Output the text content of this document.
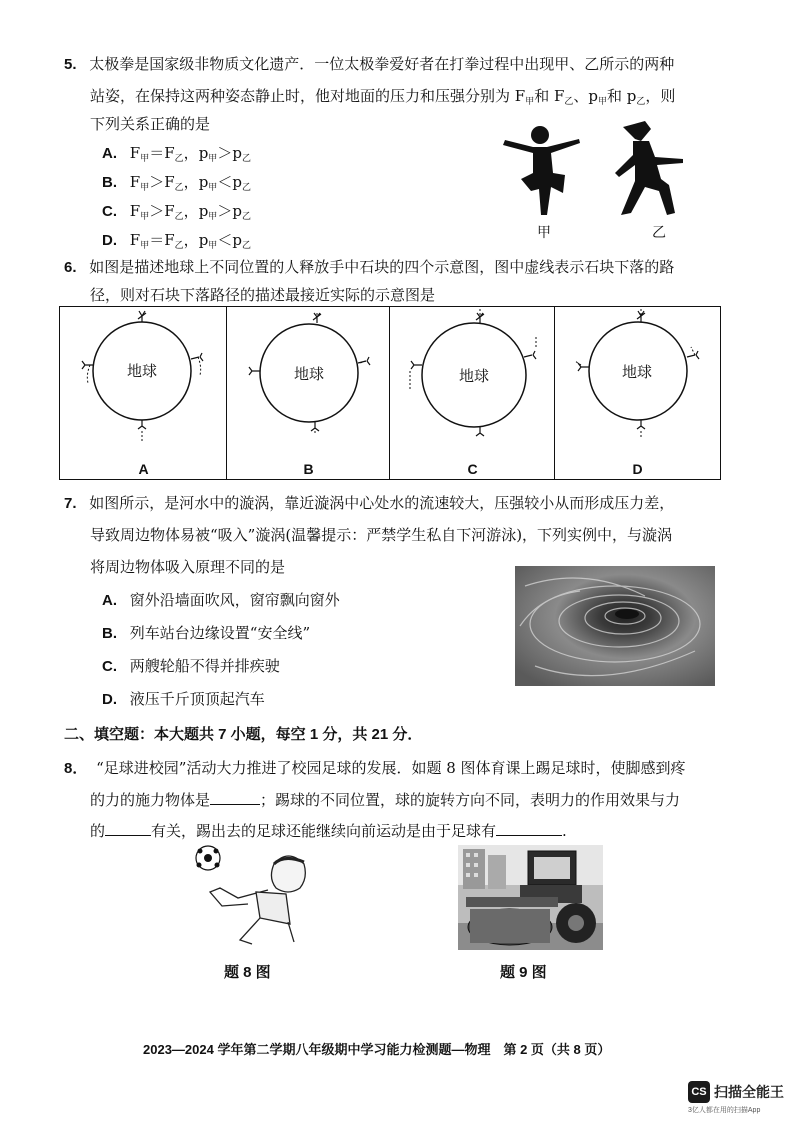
5. 太极拳是国家级非物质文化遗产．一位太极拳爱好者在打拳过程中出现甲、乙所示的两种
站姿，在保持这两种姿态静止时，他对地面的压力和压强分别为 $F_甲$和 $F_乙$、$p_甲$和 $p_乙$，则
下列关系正确的是
A. $F_甲=F_乙$，$p_甲>p_乙$
B. $F_甲>F_乙$，$p_甲<p_乙$
C. $F_甲>F_乙$，$p_甲>p_乙$
D. $F_甲=F_乙$，$p_甲<p_乙$
甲	乙
6. 如图是描述地球上不同位置的人释放手中石块的四个示意图，图中虚线表示石块下落的路
径，则对石块下落路径的描述最接近实际的示意图是
地球
A
地球
B
地球
C
地球
D
7. 如图所示，是河水中的漩涡，靠近漩涡中心处水的流速较大，压强较小从而形成压力差，
导致周边物体易被“吸入”漩涡(温馨提示：严禁学生私自下河游泳)，下列实例中，与漩涡
将周边物体吸入原理不同的是
A. 窗外沿墙面吹风，窗帘飘向窗外
B. 列车站台边缘设置“安全线”
C. 两艘轮船不得并排疾驶
D. 液压千斤顶顶起汽车
二、填空题：本大题共 7 小题，每空 1 分，共 21 分．
8． “足球进校园”活动大力推进了校园足球的发展．如题 8 图体育课上踢足球时，使脚感到疼
的力的施力物体是	；踢球的不同位置，球的旋转方向不同，表明力的作用效果与力
的	有关，踢出去的足球还能继续向前运动是由于足球有	.
题 8 图	题 9 图
2023—2024 学年第二学期八年级期中学习能力检测题—物理　第 2 页（共 8 页）
CS 扫描全能王
3亿人都在用的扫描App
